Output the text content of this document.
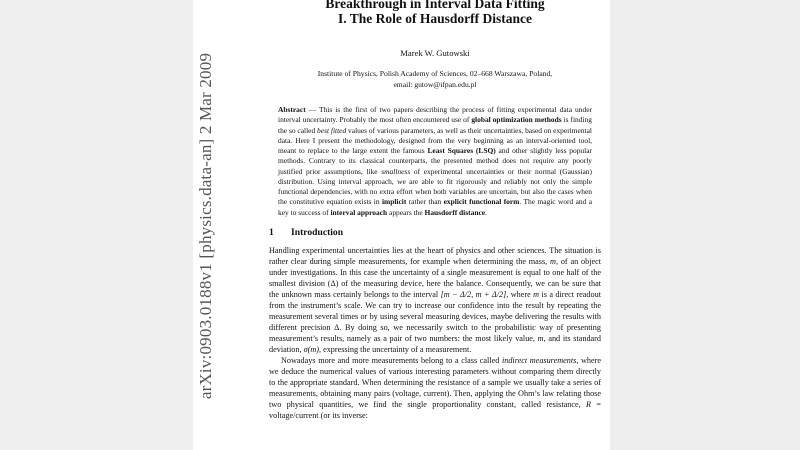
arXiv:0903.0188v1 [physics.data-an] 2 Mar 2009
Breakthrough in Interval Data Fitting
I. The Role of Hausdorff Distance
Marek W. Gutowski
Institute of Physics, Polish Academy of Sciences, 02–668 Warszawa, Poland,
email: gutow@ifpan.edu.pl
Abstract — This is the first of two papers describing the process of fitting experimental data under interval uncertainty. Probably the most often encountered use of global optimization methods is finding the so called best fitted values of various parameters, as well as their uncertainties, based on experimental data. Here I present the methodology, designed from the very beginning as an interval-oriented tool, meant to replace to the large extent the famous Least Squares (LSQ) and other slightly less popular methods. Contrary to its classical counterparts, the presented method does not require any poorly justified prior assumptions, like smallness of experimental uncertainties or their normal (Gaussian) distribution. Using interval approach, we are able to fit rigorously and reliably not only the simple functional dependencies, with no extra effort when both variables are uncertain, but also the cases when the constitutive equation exists in implicit rather than explicit functional form. The magic word and a key to success of interval approach appears the Hausdorff distance.
1 Introduction

Handling experimental uncertainties lies at the heart of physics and other sciences. The situation is rather clear during simple measurements, for example when determining the mass, m, of an object under investigations. In this case the uncertainty of a single measurement is equal to one half of the smallest division (Δ) of the measuring device, here the balance. Consequently, we can be sure that the unknown mass certainly belongs to the interval [m − Δ/2, m + Δ/2], where m is a direct readout from the instrument’s scale. We can try to increase our confidence into the result by repeating the measurement several times or by using several measuring devices, maybe delivering the results with different precision Δ. By doing so, we necessarily switch to the probabilistic way of presenting measurement’s results, namely as a pair of two numbers: the most likely value, m, and its standard deviation, σ(m), expressing the uncertainty of a measurement.

Nowadays more and more measurements belong to a class called indirect measurements, where we deduce the numerical values of various interesting parameters without comparing them directly to the appropriate standard. When determining the resistance of a sample we usually take a series of measurements, obtaining many pairs (voltage, current). Then, applying the Ohm’s law relating those two physical quantities, we find the single proportionality constant, called resistance, R = voltage/current (or its inverse:
